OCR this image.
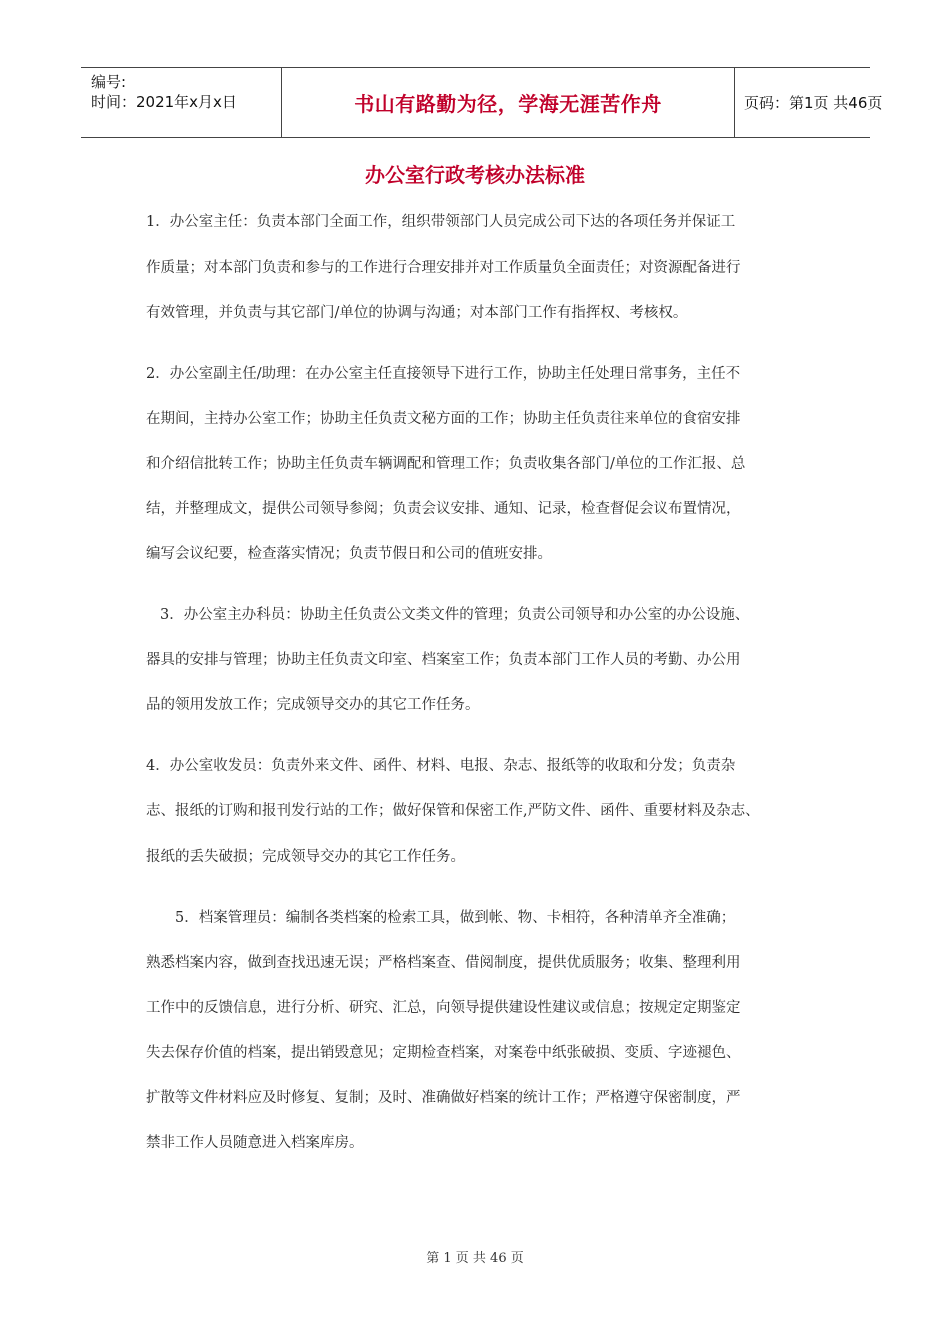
编号:
时间：2021年x月x日	书山有路勤为径，学海无涯苦作舟	页码：第1页 共46页
办公室行政考核办法标准
1．办公室主任：负责本部门全面工作，组织带领部门人员完成公司下达的各项任务并保证工
作质量；对本部门负责和参与的工作进行合理安排并对工作质量负全面责任；对资源配备进行
有效管理，并负责与其它部门/单位的协调与沟通；对本部门工作有指挥权、考核权。
2．办公室副主任/助理：在办公室主任直接领导下进行工作，协助主任处理日常事务，主任不
在期间，主持办公室工作；协助主任负责文秘方面的工作；协助主任负责往来单位的食宿安排
和介绍信批转工作；协助主任负责车辆调配和管理工作；负责收集各部门/单位的工作汇报、总
结，并整理成文，提供公司领导参阅；负责会议安排、通知、记录，检查督促会议布置情况，
编写会议纪要，检查落实情况；负责节假日和公司的值班安排。
3．办公室主办科员：协助主任负责公文类文件的管理；负责公司领导和办公室的办公设施、
器具的安排与管理；协助主任负责文印室、档案室工作；负责本部门工作人员的考勤、办公用
品的领用发放工作；完成领导交办的其它工作任务。
4．办公室收发员：负责外来文件、函件、材料、电报、杂志、报纸等的收取和分发；负责杂
志、报纸的订购和报刊发行站的工作；做好保管和保密工作,严防文件、函件、重要材料及杂志、
报纸的丢失破损；完成领导交办的其它工作任务。
5．档案管理员：编制各类档案的检索工具，做到帐、物、卡相符，各种清单齐全准确；
熟悉档案内容，做到查找迅速无误；严格档案查、借阅制度，提供优质服务；收集、整理利用
工作中的反馈信息，进行分析、研究、汇总，向领导提供建设性建议或信息；按规定定期鉴定
失去保存价值的档案，提出销毁意见；定期检查档案，对案卷中纸张破损、变质、字迹褪色、
扩散等文件材料应及时修复、复制；及时、准确做好档案的统计工作；严格遵守保密制度，严
禁非工作人员随意进入档案库房。
第 1 页 共 46 页
